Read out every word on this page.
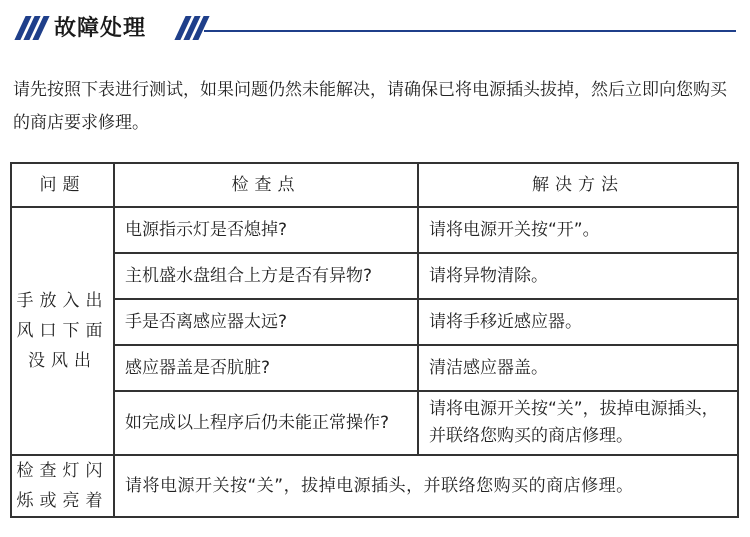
故障处理
请先按照下表进行测试，如果问题仍然未能解决，请确保已将电源插头拔掉，然后立即向您购买的商店要求修理。
问题	检查点	解决方法
手放入出风口下面没风出	电源指示灯是否熄掉?	请将电源开关按“开”。
	主机盛水盘组合上方是否有异物?	请将异物清除。
	手是否离感应器太远?	请将手移近感应器。
	感应器盖是否肮脏?	清洁感应器盖。
	如完成以上程序后仍未能正常操作?	请将电源开关按“关”，拔掉电源插头，并联络您购买的商店修理。
检查灯闪烁或亮着	请将电源开关按“关”，拔掉电源插头，并联络您购买的商店修理。	
